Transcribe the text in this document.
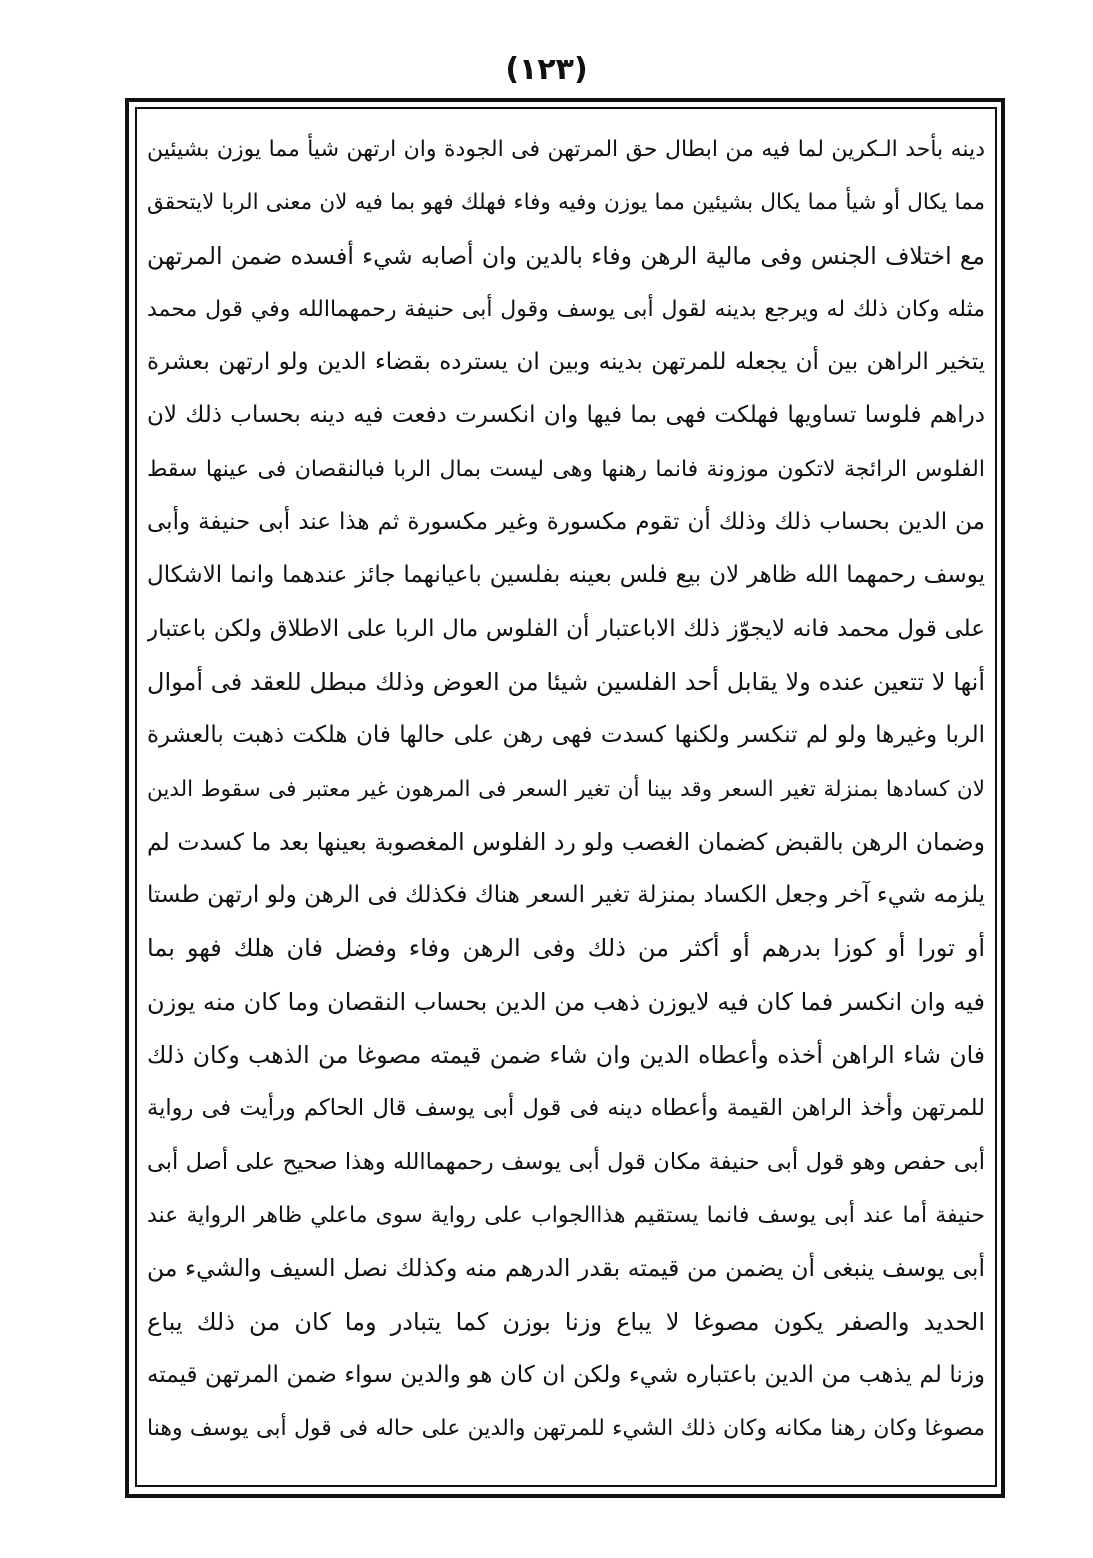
(١٢٣)
دينه بأحد الـكرين لما فيه من ابطال حق المرتهن فى الجودة وان ارتهن شيأ مما يوزن بشيئين
مما يكال أو شيأ مما يكال بشيئين مما يوزن وفيه وفاء فهلك فهو بما فيه لان معنى الربا لايتحقق
مع اختلاف الجنس وفى مالية الرهن وفاء بالدين وان أصابه شيء أفسده ضمن المرتهن
مثله وكان ذلك له ويرجع بدينه لقول أبى يوسف وقول أبى حنيفة رحمهماالله وفي قول محمد
يتخير الراهن بين أن يجعله للمرتهن بدينه وبين ان يسترده بقضاء الدين ولو ارتهن بعشرة
دراهم فلوسا تساويها فهلكت فهى بما فيها وان انكسرت دفعت فيه دينه بحساب ذلك لان
الفلوس الرائجة لاتكون موزونة فانما رهنها وهى ليست بمال الربا فبالنقصان فى عينها سقط
من الدين بحساب ذلك وذلك أن تقوم مكسورة وغير مكسورة ثم هذا عند أبى حنيفة وأبى
يوسف رحمهما الله ظاهر لان بيع فلس بعينه بفلسين باعيانهما جائز عندهما وانما الاشكال
على قول محمد فانه لايجوّز ذلك الاباعتبار أن الفلوس مال الربا على الاطلاق ولكن باعتبار
أنها لا تتعين عنده ولا يقابل أحد الفلسين شيئا من العوض وذلك مبطل للعقد فى أموال
الربا وغيرها ولو لم تنكسر ولكنها كسدت فهى رهن على حالها فان هلكت ذهبت بالعشرة
لان كسادها بمنزلة تغير السعر وقد بينا أن تغير السعر فى المرهون غير معتبر فى سقوط الدين
وضمان الرهن بالقبض كضمان الغصب ولو رد الفلوس المغصوبة بعينها بعد ما كسدت لم
يلزمه شيء آخر وجعل الكساد بمنزلة تغير السعر هناك فكذلك فى الرهن ولو ارتهن طستا
أو تورا أو كوزا بدرهم أو أكثر من ذلك وفى الرهن وفاء وفضل فان هلك فهو بما
فيه وان انكسر فما كان فيه لايوزن ذهب من الدين بحساب النقصان وما كان منه يوزن
فان شاء الراهن أخذه وأعطاه الدين وان شاء ضمن قيمته مصوغا من الذهب وكان ذلك
للمرتهن وأخذ الراهن القيمة وأعطاه دينه فى قول أبى يوسف قال الحاكم ورأيت فى رواية
أبى حفص وهو قول أبى حنيفة مكان قول أبى يوسف رحمهماالله وهذا صحيح على أصل أبى
حنيفة أما عند أبى يوسف فانما يستقيم هذاالجواب على رواية سوى ماعلي ظاهر الرواية عند
أبى يوسف ينبغى أن يضمن من قيمته بقدر الدرهم منه وكذلك نصل السيف والشيء من
الحديد والصفر يكون مصوغا لا يباع وزنا بوزن كما يتبادر وما كان من ذلك يباع
وزنا لم يذهب من الدين باعتباره شيء ولكن ان كان هو والدين سواء ضمن المرتهن قيمته
مصوغا وكان رهنا مكانه وكان ذلك الشيء للمرتهن والدين على حاله فى قول أبى يوسف وهنا
